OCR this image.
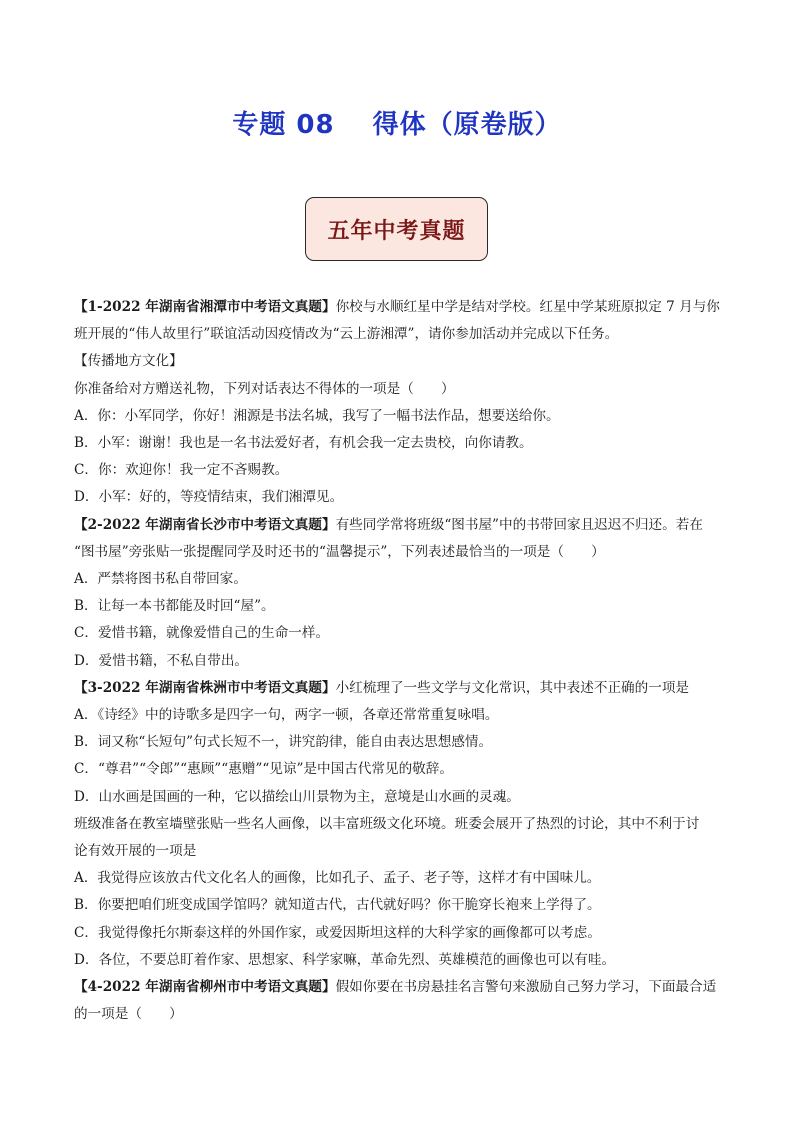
专题 08 得体（原卷版）
五年中考真题

【1-2022 年湖南省湘潭市中考语文真题】你校与水顺红星中学是结对学校。红星中学某班原拟定 7 月与你

班开展的“伟人故里行”联谊活动因疫情改为“云上游湘潭”，请你参加活动并完成以下任务。

【传播地方文化】

你准备给对方赠送礼物，下列对话表达不得体的一项是（　　）

A．你：小军同学，你好！湘源是书法名城，我写了一幅书法作品，想要送给你。

B．小军：谢谢！我也是一名书法爱好者，有机会我一定去贵校，向你请教。

C．你：欢迎你！我一定不吝赐教。

D．小军：好的，等疫情结束，我们湘潭见。

【2-2022 年湖南省长沙市中考语文真题】有些同学常将班级“图书屋”中的书带回家且迟迟不归还。若在

“图书屋”旁张贴一张提醒同学及时还书的“温馨提示”，下列表述最恰当的一项是（　　）

A．严禁将图书私自带回家。

B．让每一本书都能及时回“屋”。

C．爱惜书籍，就像爱惜自己的生命一样。

D．爱惜书籍，不私自带出。

【3-2022 年湖南省株洲市中考语文真题】小红梳理了一些文学与文化常识，其中表述不正确的一项是

A．《诗经》中的诗歌多是四字一句，两字一顿，各章还常常重复咏唱。

B．词又称“长短句”句式长短不一，讲究韵律，能自由表达思想感情。

C．“尊君”“令郎”“惠顾”“惠赠”“见谅”是中国古代常见的敬辞。

D．山水画是国画的一种，它以描绘山川景物为主，意境是山水画的灵魂。

班级准备在教室墙壁张贴一些名人画像，以丰富班级文化环境。班委会展开了热烈的讨论，其中不利于讨

论有效开展的一项是

A．我觉得应该放古代文化名人的画像，比如孔子、孟子、老子等，这样才有中国味儿。

B．你要把咱们班变成国学馆吗？就知道古代，古代就好吗？你干脆穿长袍来上学得了。

C．我觉得像托尔斯泰这样的外国作家，或爱因斯坦这样的大科学家的画像都可以考虑。

D．各位，不要总盯着作家、思想家、科学家嘛，革命先烈、英雄模范的画像也可以有哇。

【4-2022 年湖南省柳州市中考语文真题】假如你要在书房悬挂名言警句来激励自己努力学习，下面最合适

的一项是（　　）
